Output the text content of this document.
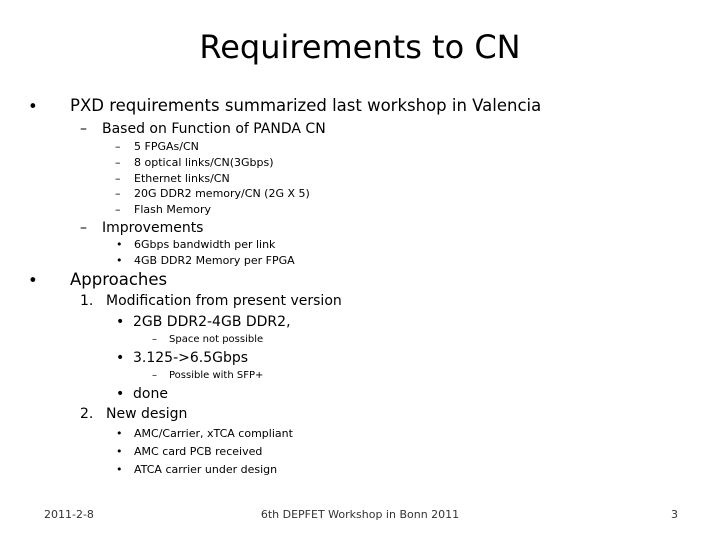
Requirements to CN
• PXD requirements summarized last workshop in Valencia
– Based on Function of PANDA CN
– 5 FPGAs/CN
– 8 optical links/CN(3Gbps)
– Ethernet links/CN
– 20G DDR2 memory/CN (2G X 5)
– Flash Memory
– Improvements
• 6Gbps bandwidth per link
• 4GB DDR2 Memory per FPGA
• Approaches
1. Modification from present version
• 2GB DDR2-4GB DDR2,
– Space not possible
• 3.125->6.5Gbps
– Possible with SFP+
• done
2. New design
• AMC/Carrier, xTCA compliant
• AMC card PCB received
• ATCA carrier under design
2011-2-8	6th DEPFET Workshop in Bonn 2011	3
